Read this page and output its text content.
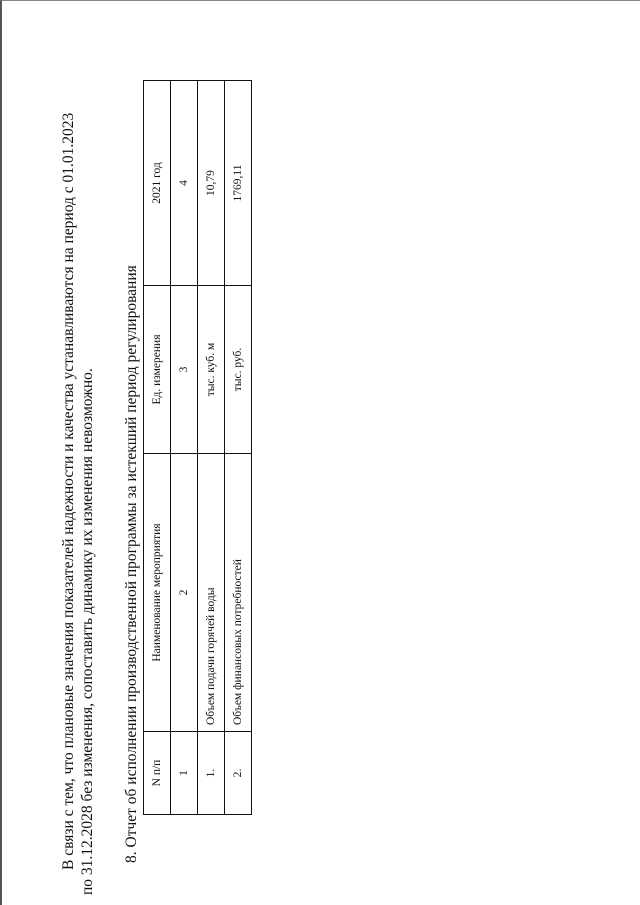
В связи с тем, что плановые значения показателей надежности и качества устанавливаются на период с 01.01.2023 по 31.12.2028 без изменения, сопоставить динамику их изменения невозможно. 8. Отчет об исполнении производственной программы за истекший период регулирования N п/п	Наименование мероприятия	Ед. измерения	2021 год
1	2	3	4
1.	Объем подачи горячей воды	тыс. куб. м	10,79
2.	Объем финансовых потребностей	тыс. руб.	1769,11
